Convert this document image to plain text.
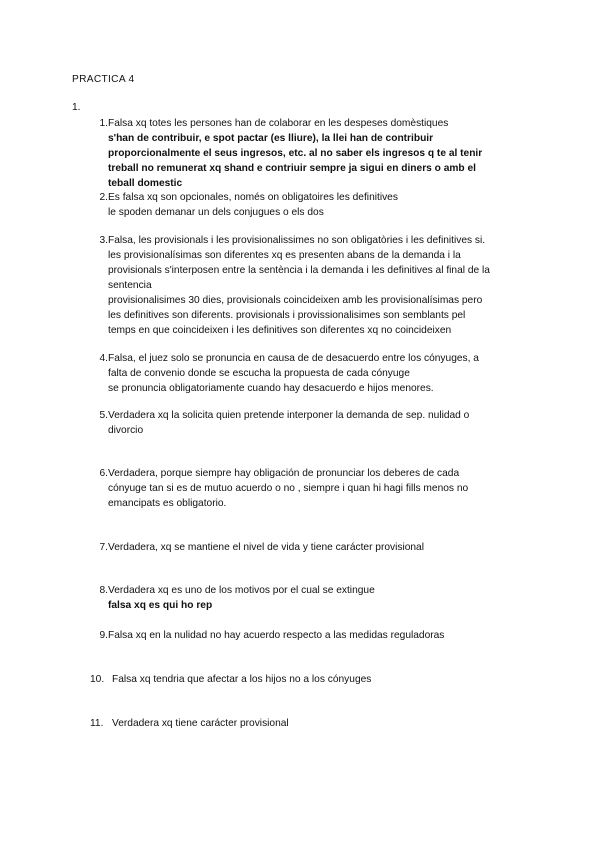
PRACTICA 4
1.
1. Falsa xq totes les persones han de colaborar en les despeses domèstiques
s'han de contribuir, e spot pactar (es lliure), la llei han de contribuir
proporcionalmente el seus ingresos, etc. al no saber els ingresos q te al tenir
treball no remunerat xq shand e contriuir sempre ja sigui en diners o amb el
teball domestic
2. Es falsa xq son opcionales, només on obligatoires les definitives
le spoden demanar un dels conjugues o els dos
3. Falsa, les provisionals i les provisionalissimes no son obligatòries i les definitives si.
les provisionalísimas son diferentes xq es presenten abans de la demanda i la
provisionals s'interposen entre la sentència i la demanda i les definitives al final de la
sentencia
provisionalisimes 30 dies, provisionals coincideixen amb les provisionalísimas pero
les definitives son diferents. provisionals i provissionalisimes son semblants pel
temps en que coincideixen i les definitives son diferentes xq no coincideixen
4. Falsa, el juez solo se pronuncia en causa de de desacuerdo entre los cónyuges, a
falta de convenio donde se escucha la propuesta de cada cónyuge
se pronuncia obligatoriamente cuando hay desacuerdo e hijos menores.
5. Verdadera xq la solicita quien pretende interponer la demanda de sep. nulidad o
divorcio
6. Verdadera, porque siempre hay obligación de pronunciar los deberes de cada
cónyuge tan si es de mutuo acuerdo o no , siempre i quan hi hagi fills menos no
emancipats es obligatorio.
7. Verdadera, xq se mantiene el nivel de vida y tiene carácter provisional
8. Verdadera xq es uno de los motivos por el cual se extingue
falsa xq es qui ho rep
9. Falsa xq en la nulidad no hay acuerdo respecto a las medidas reguladoras
10. Falsa xq tendria que afectar a los hijos no a los cónyuges
11. Verdadera xq tiene carácter provisional
